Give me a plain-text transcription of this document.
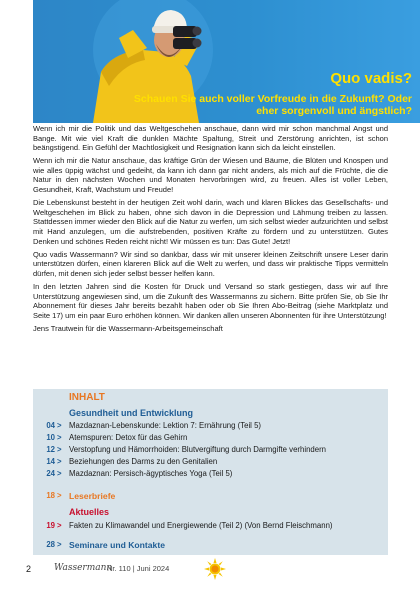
Quo vadis?
Schauen Sie auch voller Vorfreude in die Zukunft? Oder eher sorgenvoll und ängstlich?

Wenn ich mir die Politik und das Weltgeschehen anschaue, dann wird mir schon manchmal Angst und Bange. Mit wie viel Kraft die dunklen Mächte Spaltung, Streit und Zerstörung anrichten, ist schon beängstigend. Ein Gefühl der Machtlosigkeit und Resignation kann sich da leicht einstellen.

Wenn ich mir die Natur anschaue, das kräftige Grün der Wiesen und Bäume, die Blüten und Knospen und wie alles üppig wächst und gedeiht, da kann ich dann gar nicht anders, als mich auf die Früchte, die die Natur in den nächsten Wochen und Monaten hervorbringen wird, zu freuen. Alles ist voller Leben, Gesundheit, Kraft, Wachstum und Freude!

Die Lebenskunst besteht in der heutigen Zeit wohl darin, wach und klaren Blickes das Gesellschafts- und Weltgeschehen im Blick zu haben, ohne sich davon in die Depression und Lähmung treiben zu lassen. Stattdessen immer wieder den Blick auf die Natur zu werfen, um sich selbst wieder aufzurichten und selbst mit Hand anzulegen, um die aufstrebenden, positiven Kräfte zu fördern und zu unterstützen. Gutes Denken und schönes Reden reicht nicht! Wir müssen es tun: Das Gute! Jetzt!

Quo vadis Wassermann? Wir sind so dankbar, dass wir mit unserer kleinen Zeitschrift unsere Leser darin unterstützen dürfen, einen klareren Blick auf die Welt zu werfen, und dass wir praktische Tipps vermitteln dürfen, mit denen sich jeder selbst besser helfen kann.

In den letzten Jahren sind die Kosten für Druck und Versand so stark gestiegen, dass wir auf Ihre Unterstützung angewiesen sind, um die Zukunft des Wassermanns zu sichern. Bitte prüfen Sie, ob Sie Ihr Abonnement für dieses Jahr bereits bezahlt haben oder ob Sie Ihren Abo-Beitrag (siehe Marktplatz und Seite 17) um ein paar Euro erhöhen können. Wir danken allen unseren Abonnenten für ihre Unterstützung!

Jens Trautwein für die Wassermann-Arbeitsgemeinschaft

INHALT
Gesundheit und Entwicklung
04 > Mazdaznan-Lebenskunde: Lektion 7: Ernährung (Teil 5)
10 > Atemspuren: Detox für das Gehirn
12 > Verstopfung und Hämorrhoiden: Blutvergiftung durch Darmgifte verhindern
14 > Beziehungen des Darms zu den Genitalien
24 > Mazdaznan: Persisch-ägyptisches Yoga (Teil 5)
18 > Leserbriefe
Aktuelles
19 > Fakten zu Klimawandel und Energiewende (Teil 2) (Von Bernd Fleischmann)
28 > Seminare und Kontakte
2	Wassermann
Nr. 110 | Juni 2024
